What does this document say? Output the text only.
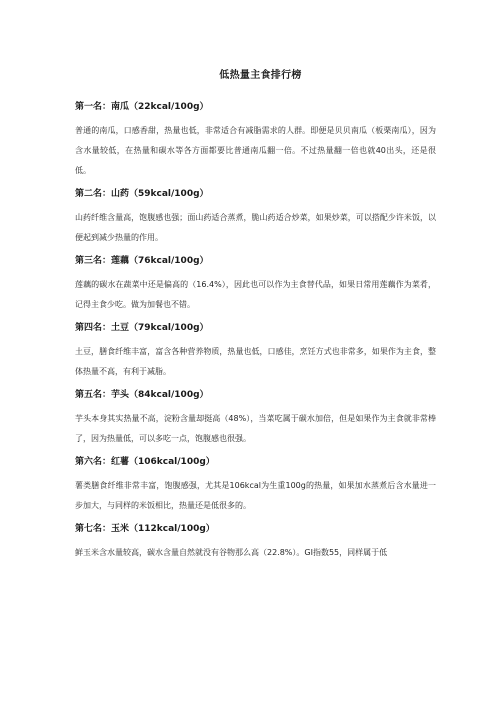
低热量主食排行榜
第一名：南瓜（22kcal/100g）
普通的南瓜，口感香甜，热量也低，非常适合有减脂需求的人群。即便是贝贝南瓜（板栗南瓜），因为含水量较低，在热量和碳水等各方面都要比普通南瓜翻一倍。不过热量翻一倍也就40出头，还是很低。
第二名：山药（59kcal/100g）
山药纤维含量高，饱腹感也强；面山药适合蒸煮，脆山药适合炒菜，如果炒菜，可以搭配少许米饭，以便起到减少热量的作用。
第三名：莲藕（76kcal/100g）
莲藕的碳水在蔬菜中还是偏高的（16.4%），因此也可以作为主食替代品，如果日常用莲藕作为菜肴，记得主食少吃。做为加餐也不错。
第四名：土豆（79kcal/100g）
土豆，膳食纤维丰富，富含各种营养物质，热量也低，口感佳，烹饪方式也非常多，如果作为主食，整体热量不高，有利于减脂。
第五名：芋头（84kcal/100g）
芋头本身其实热量不高，淀粉含量却挺高（48%），当菜吃属于碳水加倍，但是如果作为主食就非常棒了，因为热量低，可以多吃一点，饱腹感也很强。
第六名：红薯（106kcal/100g）
薯类膳食纤维非常丰富，饱腹感强，尤其是106kcal为生重100g的热量，如果加水蒸煮后含水量进一步加大，与同样的米饭相比，热量还是低很多的。
第七名：玉米（112kcal/100g）
鲜玉米含水量较高，碳水含量自然就没有谷物那么高（22.8%）。GI指数55，同样属于低
